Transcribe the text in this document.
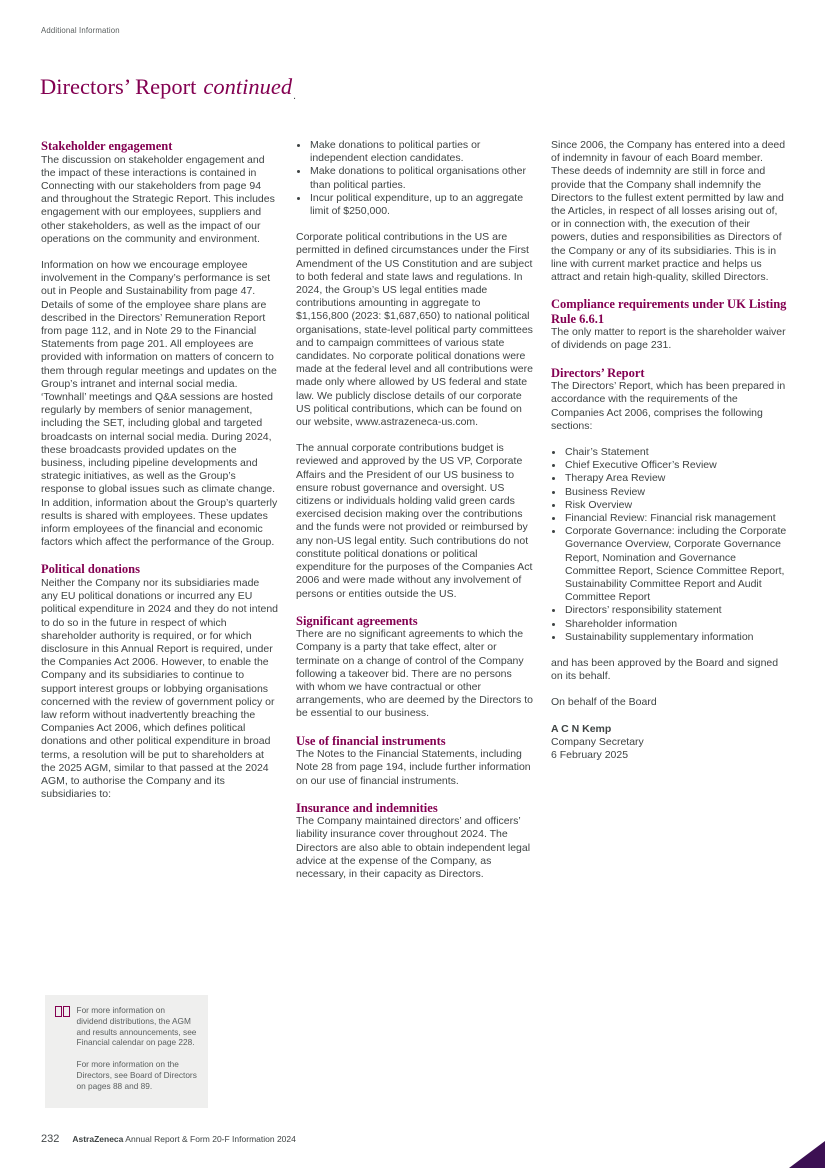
Additional Information
Directors’ Report continued .
Stakeholder engagement

The discussion on stakeholder engagement and the impact of these interactions is contained in Connecting with our stakeholders from page 94 and throughout the Strategic Report. This includes engagement with our employees, suppliers and other stakeholders, as well as the impact of our operations on the community and environment.

Information on how we encourage employee involvement in the Company’s performance is set out in People and Sustainability from page 47. Details of some of the employee share plans are described in the Directors’ Remuneration Report from page 112, and in Note 29 to the Financial Statements from page 201. All employees are provided with information on matters of concern to them through regular meetings and updates on the Group’s intranet and internal social media. ‘Townhall’ meetings and Q&A sessions are hosted regularly by members of senior management, including the SET, including global and targeted broadcasts on internal social media. During 2024, these broadcasts provided updates on the business, including pipeline developments and strategic initiatives, as well as the Group’s response to global issues such as climate change. In addition, information about the Group’s quarterly results is shared with employees. These updates inform employees of the financial and economic factors which affect the performance of the Group.

Political donations

Neither the Company nor its subsidiaries made any EU political donations or incurred any EU political expenditure in 2024 and they do not intend to do so in the future in respect of which shareholder authority is required, or for which disclosure in this Annual Report is required, under the Companies Act 2006. However, to enable the Company and its subsidiaries to continue to support interest groups or lobbying organisations concerned with the review of government policy or law reform without inadvertently breaching the Companies Act 2006, which defines political donations and other political expenditure in broad terms, a resolution will be put to shareholders at the 2025 AGM, similar to that passed at the 2024 AGM, to authorise the Company and its subsidiaries to:

• Make donations to political parties or independent election candidates.
• Make donations to political organisations other than political parties.
• Incur political expenditure, up to an aggregate limit of $250,000.

Corporate political contributions in the US are permitted in defined circumstances under the First Amendment of the US Constitution and are subject to both federal and state laws and regulations. In 2024, the Group’s US legal entities made contributions amounting in aggregate to $1,156,800 (2023: $1,687,650) to national political organisations, state-level political party committees and to campaign committees of various state candidates. No corporate political donations were made at the federal level and all contributions were made only where allowed by US federal and state law. We publicly disclose details of our corporate US political contributions, which can be found on our website, www.astrazeneca-us.com.

The annual corporate contributions budget is reviewed and approved by the US VP, Corporate Affairs and the President of our US business to ensure robust governance and oversight. US citizens or individuals holding valid green cards exercised decision making over the contributions and the funds were not provided or reimbursed by any non-US legal entity. Such contributions do not constitute political donations or political expenditure for the purposes of the Companies Act 2006 and were made without any involvement of persons or entities outside the US.

Significant agreements

There are no significant agreements to which the Company is a party that take effect, alter or terminate on a change of control of the Company following a takeover bid. There are no persons with whom we have contractual or other arrangements, who are deemed by the Directors to be essential to our business.

Use of financial instruments

The Notes to the Financial Statements, including Note 28 from page 194, include further information on our use of financial instruments.

Insurance and indemnities

The Company maintained directors’ and officers’ liability insurance cover throughout 2024. The Directors are also able to obtain independent legal advice at the expense of the Company, as necessary, in their capacity as Directors.

Since 2006, the Company has entered into a deed of indemnity in favour of each Board member. These deeds of indemnity are still in force and provide that the Company shall indemnify the Directors to the fullest extent permitted by law and the Articles, in respect of all losses arising out of, or in connection with, the execution of their powers, duties and responsibilities as Directors of the Company or any of its subsidiaries. This is in line with current market practice and helps us attract and retain high-quality, skilled Directors.

Compliance requirements under UK Listing Rule 6.6.1

The only matter to report is the shareholder waiver of dividends on page 231.

Directors’ Report

The Directors’ Report, which has been prepared in accordance with the requirements of the Companies Act 2006, comprises the following sections:

• Chair’s Statement
• Chief Executive Officer’s Review
• Therapy Area Review
• Business Review
• Risk Overview
• Financial Review: Financial risk management
• Corporate Governance: including the Corporate Governance Overview, Corporate Governance Report, Nomination and Governance Committee Report, Science Committee Report, Sustainability Committee Report and Audit Committee Report
• Directors’ responsibility statement
• Shareholder information
• Sustainability supplementary information

and has been approved by the Board and signed on its behalf.

On behalf of the Board

A C N Kemp

Company Secretary

6 February 2025

For more information on dividend distributions, the AGM and results announcements, see Financial calendar on page 228.

For more information on the Directors, see Board of Directors on pages 88 and 89.

232 AstraZeneca Annual Report & Form 20-F Information 2024
